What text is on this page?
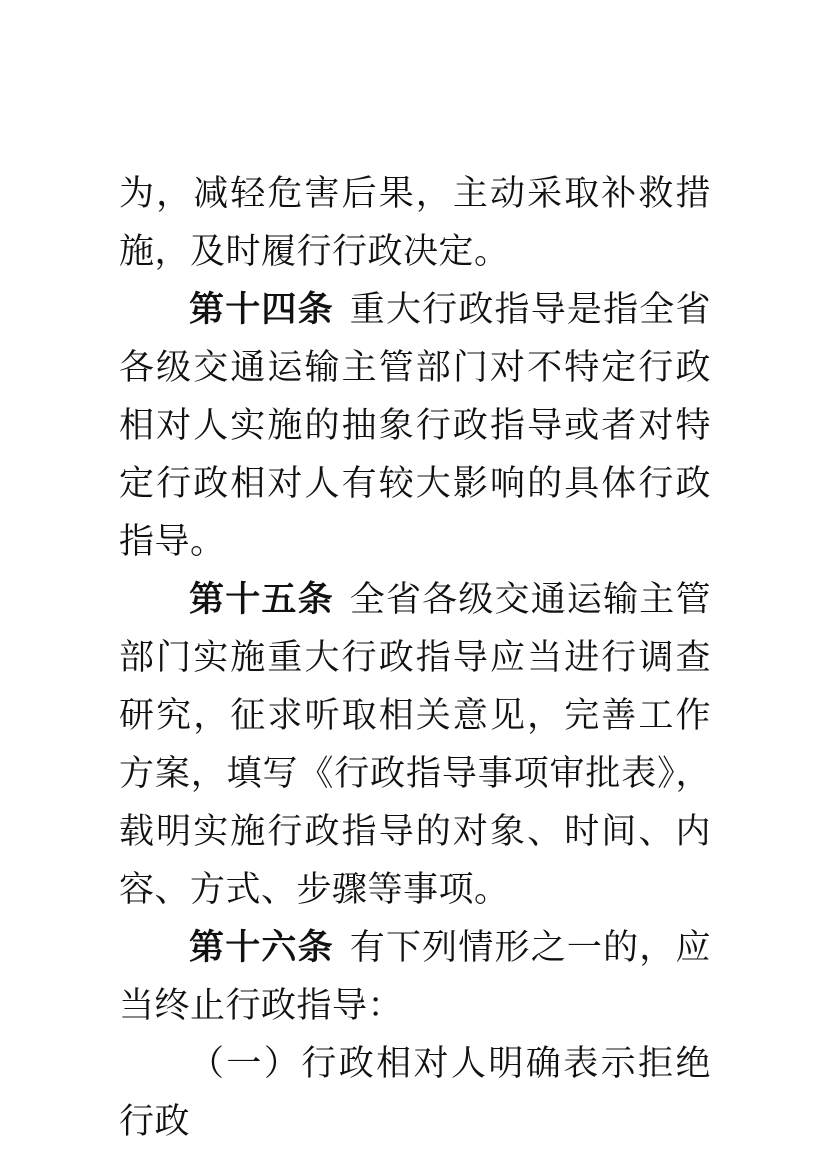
为，减轻危害后果，主动采取补救措施，及时履行行政决定。

第十四条 重大行政指导是指全省各级交通运输主管部门对不特定行政相对人实施的抽象行政指导或者对特定行政相对人有较大影响的具体行政指导。

第十五条 全省各级交通运输主管部门实施重大行政指导应当进行调查研究，征求听取相关意见，完善工作方案，填写《行政指导事项审批表》，载明实施行政指导的对象、时间、内容、方式、步骤等事项。

第十六条 有下列情形之一的，应当终止行政指导：

（一）行政相对人明确表示拒绝行政
